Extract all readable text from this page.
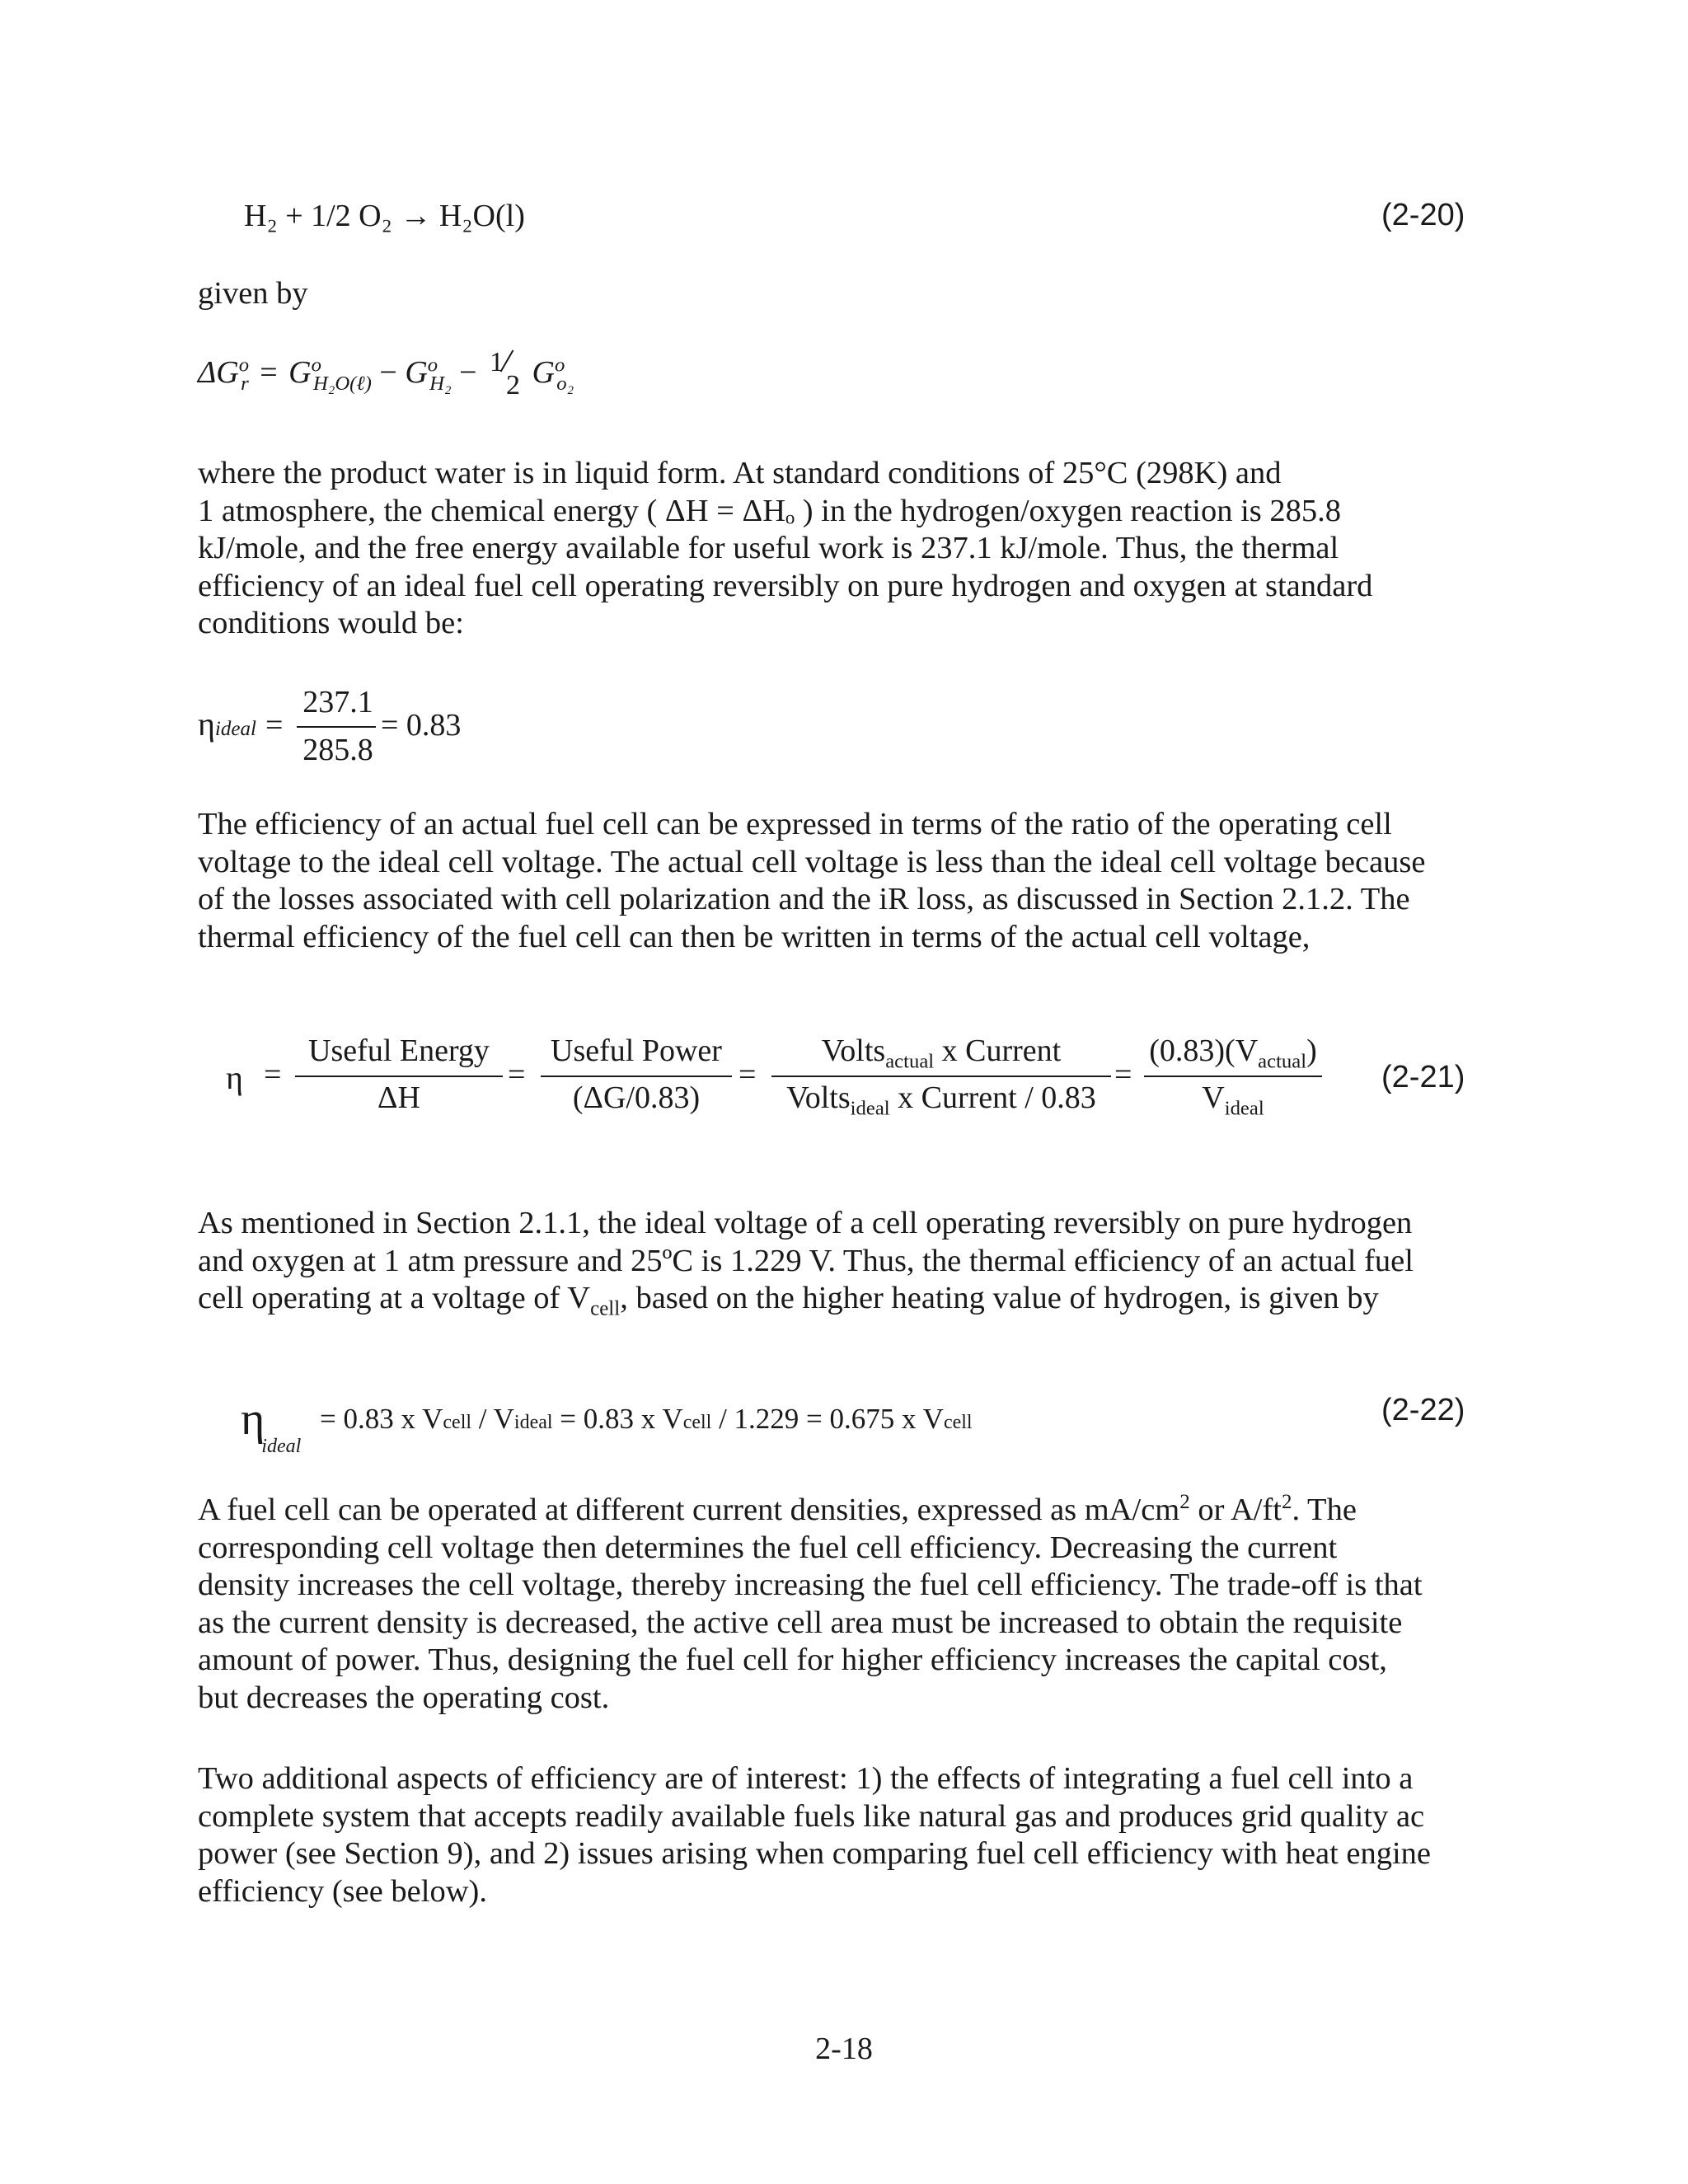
H₂ + 1/2 O₂ → H₂O(l)	(2-20)
given by
$\Delta G^o_r = G^o_{H_2O(\ell)} - G^o_{H_2} - 1$
2 $G^o_{o_2}$
where the product water is in liquid form. At standard conditions of 25°C (298K) and
1 atmosphere, the chemical energy ( ΔH = ΔHₒ ) in the hydrogen/oxygen reaction is 285.8
kJ/mole, and the free energy available for useful work is 237.1 kJ/mole. Thus, the thermal
efficiency of an ideal fuel cell operating reversibly on pure hydrogen and oxygen at standard
conditions would be:
ηideal =
237.1
285.8
= 0.83
The efficiency of an actual fuel cell can be expressed in terms of the ratio of the operating cell
voltage to the ideal cell voltage. The actual cell voltage is less than the ideal cell voltage because
of the losses associated with cell polarization and the iR loss, as discussed in Section 2.1.2. The
thermal efficiency of the fuel cell can then be written in terms of the actual cell voltage,
η =
Useful Energy
ΔH
=
Useful Power
(ΔG/0.83)
=
Volts$_{actual}$ x Current
Volts$_{ideal}$ x Current / 0.83
=
$(0.83)(V_{actual})$
$V_{ideal}$
(2-21)
As mentioned in Section 2.1.1, the ideal voltage of a cell operating reversibly on pure hydrogen
and oxygen at 1 atm pressure and 25ºC is 1.229 V. Thus, the thermal efficiency of an actual fuel
cell operating at a voltage of $V_{cell}$, based on the higher heating value of hydrogen, is given by
ηideal
= 0.83 x Vcell / Videal = 0.83 x Vcell / 1.229 = 0.675 x Vcell	(2-22)
A fuel cell can be operated at different current densities, expressed as $mA/cm^2$ or $A/ft^2$. The
corresponding cell voltage then determines the fuel cell efficiency. Decreasing the current
density increases the cell voltage, thereby increasing the fuel cell efficiency. The trade-off is that
as the current density is decreased, the active cell area must be increased to obtain the requisite
amount of power. Thus, designing the fuel cell for higher efficiency increases the capital cost,
but decreases the operating cost.
Two additional aspects of efficiency are of interest: 1) the effects of integrating a fuel cell into a
complete system that accepts readily available fuels like natural gas and produces grid quality ac
power (see Section 9), and 2) issues arising when comparing fuel cell efficiency with heat engine
efficiency (see below).
2-18
